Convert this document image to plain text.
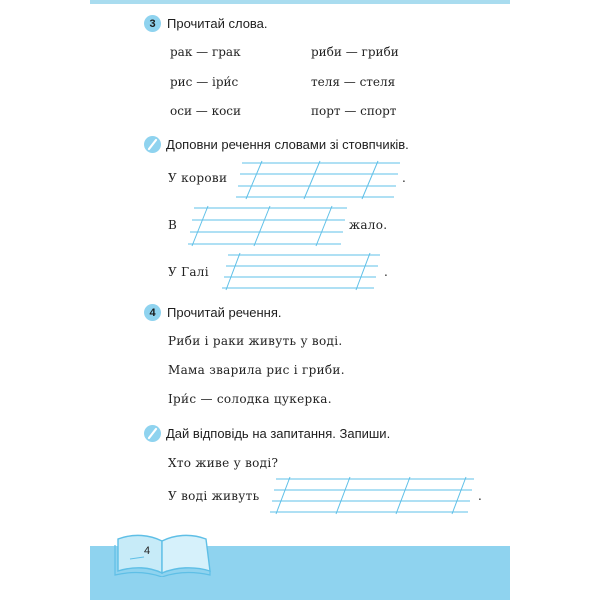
3 Прочитай слова.
рак — грак	риби — гриби
рис — іри́с	теля — стеля
оси — коси	порт — спорт
Доповни речення словами зі стовпчиків.
У корови	.
В	жало.
У Галі	.
4 Прочитай речення.
Риби і раки живуть у воді.
Мама зварила рис і гриби.
Іри́с — солодка цукерка.
Дай відповідь на запитання. Запиши.
Хто живе у воді?
У воді живуть	.
4
